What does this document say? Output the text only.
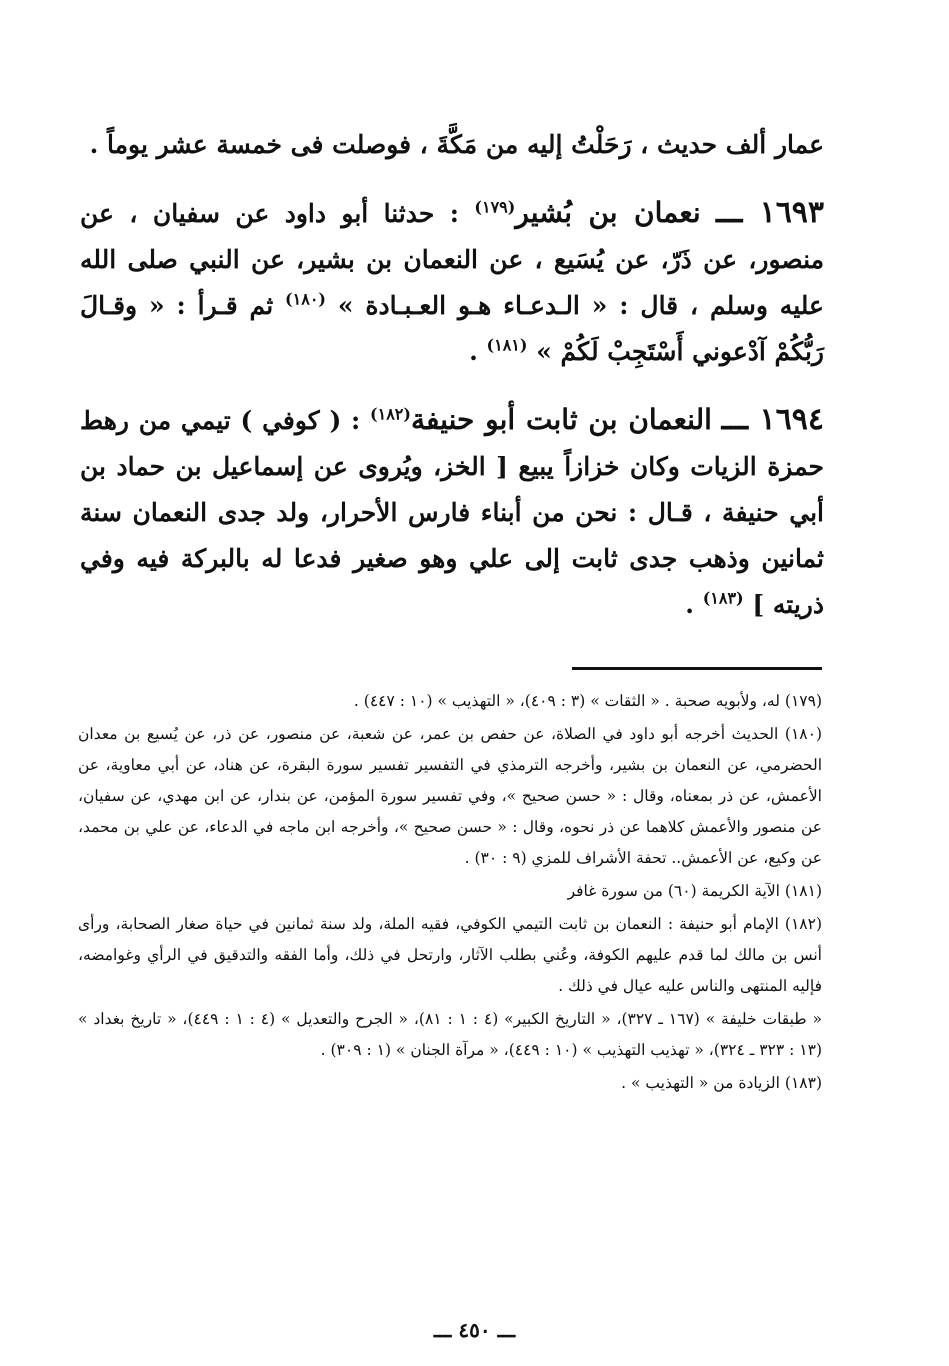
عمار ألف حديث ، رَحَلْتُ إليه من مَكَّةَ ، فوصلت فى خمسة عشر يوماً .

١٦٩٣ ـــ نعمان بن بُشير$^{(١٧٩)}$ : حدثنا أبو داود عن سفيان ، عن منصور، عن ذَرّ، عن يُسَيع ، عن النعمان بن بشير، عن النبي صلى الله عليه وسلم ، قال : « الـدعـاء هـو العـبـادة » $^{(١٨٠)}$ ثم قـرأ : « وقـالَ رَبُّكُمْ آدْعوني أَسْتَجِبْ لَكُمْ » $^{(١٨١)}$ .

١٦٩٤ ـــ النعمان بن ثابت أبو حنيفة$^{(١٨٢)}$ : ( كوفي ) تيمي من رهط حمزة الزيات وكان خزازاً يبيع [ الخز، ويُروى عن إسماعيل بن حماد بن أبي حنيفة ، قـال : نحن من أبناء فارس الأحرار، ولد جدى النعمان سنة ثمانين وذهب جدى ثابت إلى علي وهو صغير فدعا له بالبركة فيه وفي ذريته ] $^{(١٨٣)}$ .

(١٧٩) له، ولأبويه صحبة . « الثقات » (٣ : ٤٠٩)، « التهذيب » (١٠ : ٤٤٧) .

(١٨٠) الحديث أخرجه أبو داود في الصلاة، عن حفص بن عمر، عن شعبة، عن منصور، عن ذر، عن يُسيع بن معدان الحضرمي، عن النعمان بن بشير، وأخرجه الترمذي في التفسير تفسير سورة البقرة، عن هناد، عن أبي معاوية، عن الأعمش، عن ذر بمعناه، وقال : « حسن صحيح »، وفي تفسير سورة المؤمن، عن بندار، عن ابن مهدي، عن سفيان، عن منصور والأعمش كلاهما عن ذر نحوه، وقال : « حسن صحيح »، وأخرجه ابن ماجه في الدعاء، عن علي بن محمد، عن وكيع، عن الأعمش.. تحفة الأشراف للمزي (٩ : ٣٠) .

(١٨١) الآية الكريمة (٦٠) من سورة غافر

(١٨٢) الإمام أبو حنيفة : النعمان بن ثابت التيمي الكوفي، فقيه الملة، ولد سنة ثمانين في حياة صغار الصحابة، ورأى أنس بن مالك لما قدم عليهم الكوفة، وعُني بطلب الآثار، وارتحل في ذلك، وأما الفقه والتدقيق في الرأي وغوامضه، فإليه المنتهى والناس عليه عيال في ذلك .

« طبقات خليفة » (١٦٧ ـ ٣٢٧)، « التاريخ الكبير» (٤ : ١ : ٨١)، « الجرح والتعديل » (٤ : ١ : ٤٤٩)، « تاريخ بغداد » (١٣ : ٣٢٣ ـ ٣٢٤)، « تهذيب التهذيب » (١٠ : ٤٤٩)، « مرآة الجنان » (١ : ٣٠٩) .

(١٨٣) الزيادة من « التهذيب » .

ـــ ٤٥٠ ـــ
